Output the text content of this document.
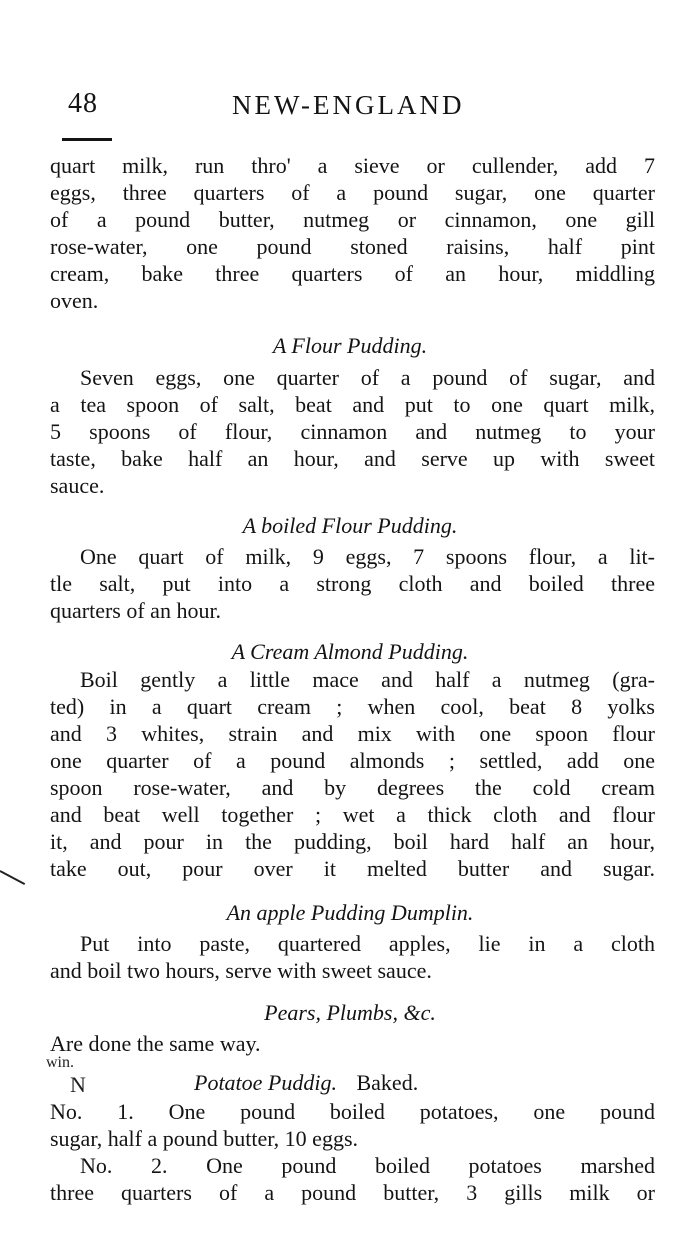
48	NEW-ENGLAND
quart milk, run thro' a sieve or cullender, add 7
eggs, three quarters of a pound sugar, one quarter
of a pound butter, nutmeg or cinnamon, one gill
rose-water, one pound stoned raisins, half pint
cream, bake three quarters of an hour, middling
oven.
A Flour Pudding.
Seven eggs, one quarter of a pound of sugar, and
a tea spoon of salt, beat and put to one quart milk,
5 spoons of flour, cinnamon and nutmeg to your
taste, bake half an hour, and serve up with sweet
sauce.
A boiled Flour Pudding.
One quart of milk, 9 eggs, 7 spoons flour, a lit-
tle salt, put into a strong cloth and boiled three
quarters of an hour.
A Cream Almond Pudding.
Boil gently a little mace and half a nutmeg (gra-
ted) in a quart cream ; when cool, beat 8 yolks
and 3 whites, strain and mix with one spoon flour
one quarter of a pound almonds ; settled, add one
spoon rose-water, and by degrees the cold cream
and beat well together ; wet a thick cloth and flour
it, and pour in the pudding, boil hard half an hour,
take out, pour over it melted butter and sugar.
An apple Pudding Dumplin.
Put into paste, quartered apples, lie in a cloth
and boil two hours, serve with sweet sauce.
Pears, Plumbs, &c.
Are done the same way.
win.
N	Potatoe Puddig. Baked.
No. 1. One pound boiled potatoes, one pound
sugar, half a pound butter, 10 eggs.
No. 2. One pound boiled potatoes marshed
three quarters of a pound butter, 3 gills milk or
